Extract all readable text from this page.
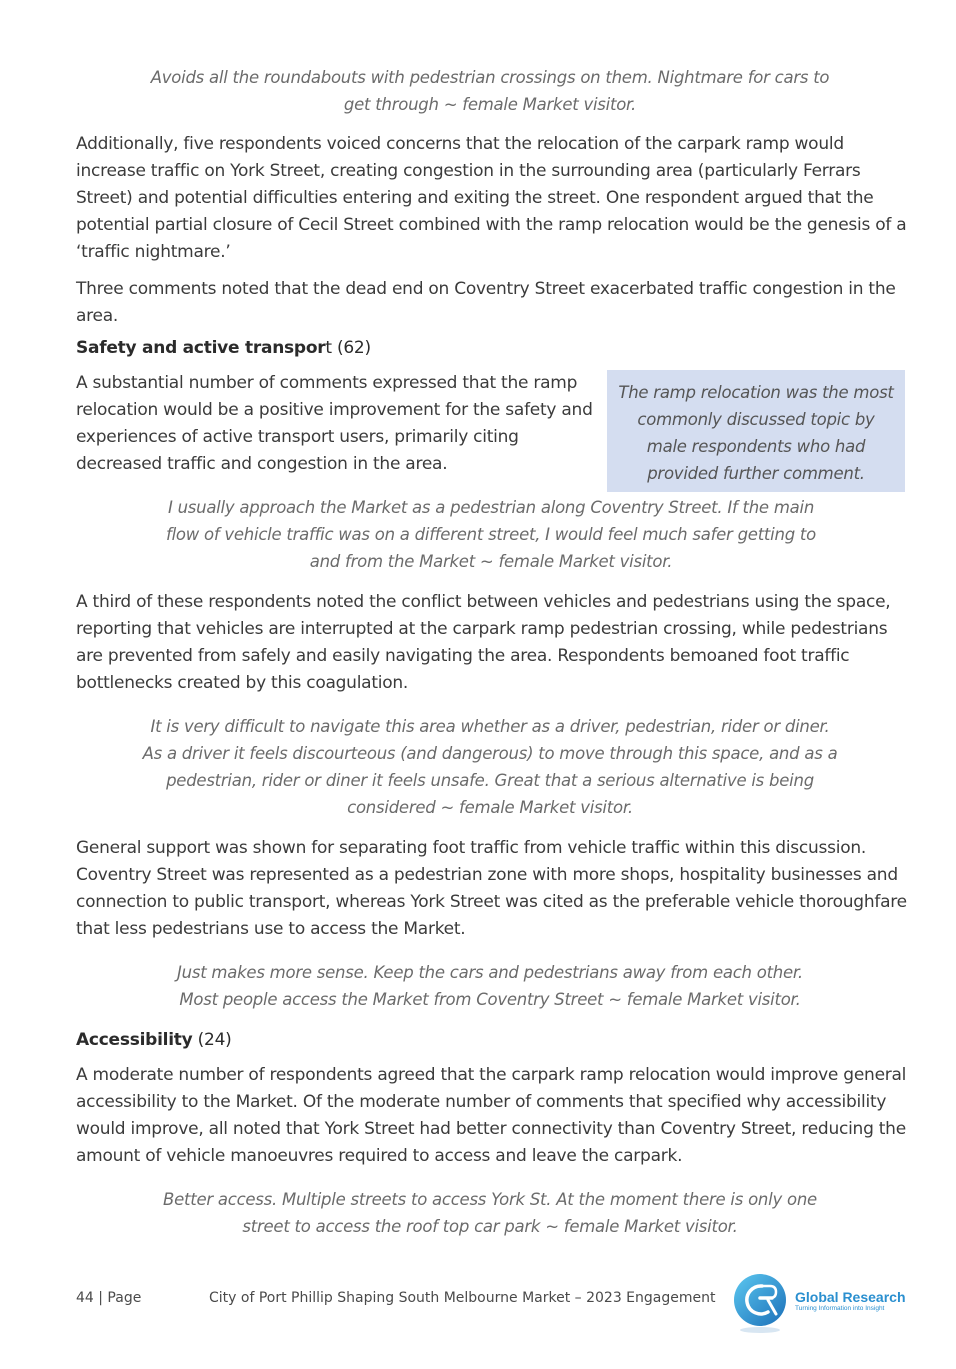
Avoids all the roundabouts with pedestrian crossings on them. Nightmare for cars to get through ~ female Market visitor.

Additionally, five respondents voiced concerns that the relocation of the carpark ramp would increase traffic on York Street, creating congestion in the surrounding area (particularly Ferrars Street) and potential difficulties entering and exiting the street. One respondent argued that the potential partial closure of Cecil Street combined with the ramp relocation would be the genesis of a ‘traffic nightmare.’

Three comments noted that the dead end on Coventry Street exacerbated traffic congestion in the area.

Safety and active transport (62)

A substantial number of comments expressed that the ramp relocation would be a positive improvement for the safety and experiences of active transport users, primarily citing decreased traffic and congestion in the area.

The ramp relocation was the most commonly discussed topic by male respondents who had provided further comment.

I usually approach the Market as a pedestrian along Coventry Street. If the main flow of vehicle traffic was on a different street, I would feel much safer getting to and from the Market ~ female Market visitor.

A third of these respondents noted the conflict between vehicles and pedestrians using the space, reporting that vehicles are interrupted at the carpark ramp pedestrian crossing, while pedestrians are prevented from safely and easily navigating the area. Respondents bemoaned foot traffic bottlenecks created by this coagulation.

It is very difficult to navigate this area whether as a driver, pedestrian, rider or diner. As a driver it feels discourteous (and dangerous) to move through this space, and as a pedestrian, rider or diner it feels unsafe. Great that a serious alternative is being considered ~ female Market visitor.

General support was shown for separating foot traffic from vehicle traffic within this discussion. Coventry Street was represented as a pedestrian zone with more shops, hospitality businesses and connection to public transport, whereas York Street was cited as the preferable vehicle thoroughfare that less pedestrians use to access the Market.

Just makes more sense. Keep the cars and pedestrians away from each other. Most people access the Market from Coventry Street ~ female Market visitor.

Accessibility (24)

A moderate number of respondents agreed that the carpark ramp relocation would improve general accessibility to the Market. Of the moderate number of comments that specified why accessibility would improve, all noted that York Street had better connectivity than Coventry Street, reducing the amount of vehicle manoeuvres required to access and leave the carpark.

Better access. Multiple streets to access York St. At the moment there is only one street to access the roof top car park ~ female Market visitor.

44 | Page	City of Port Phillip Shaping South Melbourne Market – 2023 Engagement	Global Research
Turning Information into Insight
